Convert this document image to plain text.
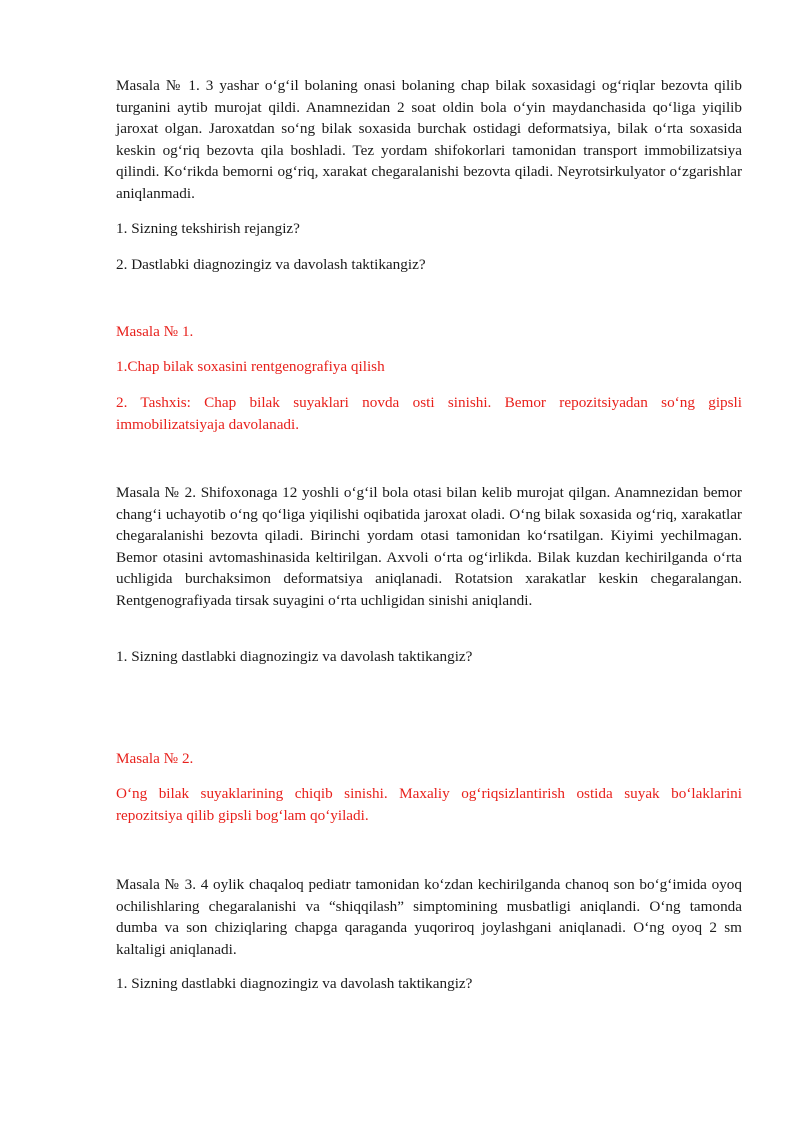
Masala № 1. 3 yashar o‘g‘il bolaning onasi bolaning chap bilak soxasidagi og‘riqlar bezovta qilib turganini aytib murojat qildi. Anamnezidan 2 soat oldin bola o‘yin maydanchasida qo‘liga yiqilib jaroxat olgan. Jaroxatdan so‘ng bilak soxasida burchak ostidagi deformatsiya, bilak o‘rta soxasida keskin og‘riq bezovta qila boshladi. Tez yordam shifokorlari tamonidan transport immobilizatsiya qilindi. Ko‘rikda bemorni og‘riq, xarakat chegaralanishi bezovta qiladi. Neyrotsirkulyator o‘zgarishlar aniqlanmadi.

1. Sizning tekshirish rejangiz?

2. Dastlabki diagnozingiz va davolash taktikangiz?

Masala № 1.

1.Chap bilak soxasini rentgenografiya qilish

2. Tashxis: Chap bilak suyaklari novda osti sinishi. Bemor repozitsiyadan so‘ng gipsli immobilizatsiyaja davolanadi.

Masala № 2. Shifoxonaga 12 yoshli o‘g‘il bola otasi bilan kelib murojat qilgan. Anamnezidan bemor chang‘i uchayotib o‘ng qo‘liga yiqilishi oqibatida jaroxat oladi. O‘ng bilak soxasida og‘riq, xarakatlar chegaralanishi bezovta qiladi. Birinchi yordam otasi tamonidan ko‘rsatilgan. Kiyimi yechilmagan. Bemor otasini avtomashinasida keltirilgan. Axvoli o‘rta og‘irlikda. Bilak kuzdan kechirilganda o‘rta uchligida burchaksimon deformatsiya aniqlanadi. Rotatsion xarakatlar keskin chegaralangan. Rentgenografiyada tirsak suyagini o‘rta uchligidan sinishi aniqlandi.

1. Sizning dastlabki diagnozingiz va davolash taktikangiz?

Masala № 2.

O‘ng bilak suyaklarining chiqib sinishi. Maxaliy og‘riqsizlantirish ostida suyak bo‘laklarini repozitsiya qilib gipsli bog‘lam qo‘yiladi.

Masala № 3. 4 oylik chaqaloq pediatr tamonidan ko‘zdan kechirilganda chanoq son bo‘g‘imida oyoq ochilishlaring chegaralanishi va “shiqqilash” simptomining musbatligi aniqlandi. O‘ng tamonda dumba va son chiziqlaring chapga qaraganda yuqoriroq joylashgani aniqlanadi. O‘ng oyoq 2 sm kaltaligi aniqlanadi.

1. Sizning dastlabki diagnozingiz va davolash taktikangiz?
